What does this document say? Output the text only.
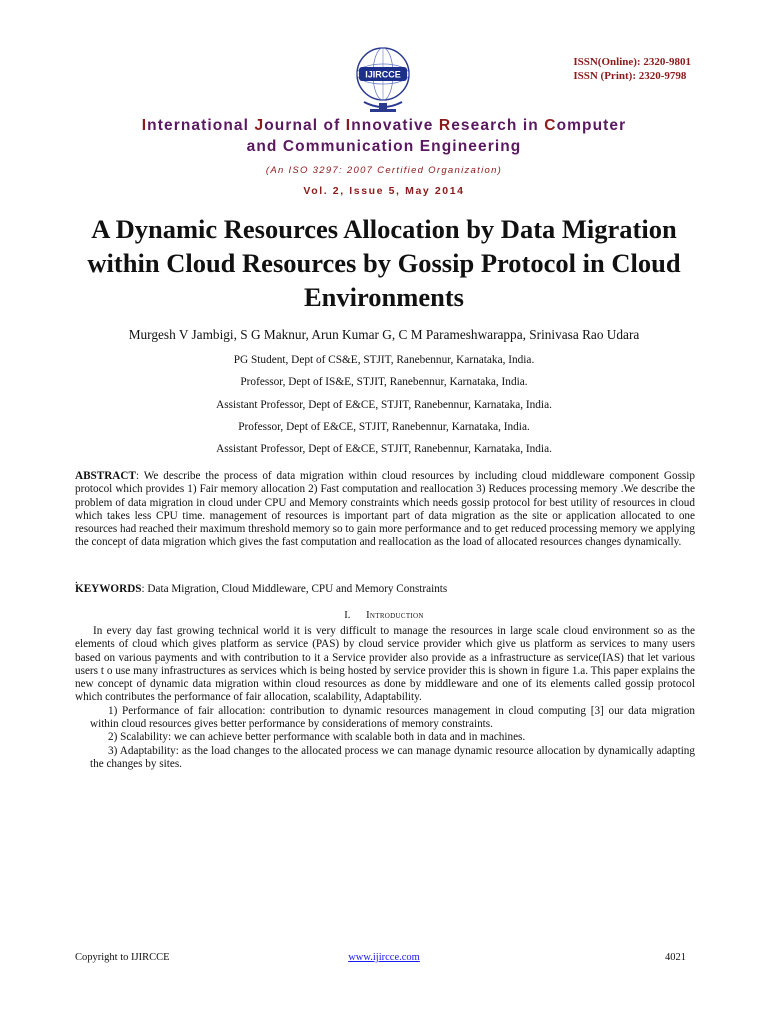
IJIRCCE
ISSN(Online): 2320-9801
ISSN (Print): 2320-9798
International Journal of Innovative Research in Computer
and Communication Engineering
(An ISO 3297: 2007 Certified Organization)
Vol. 2, Issue 5, May 2014
A Dynamic Resources Allocation by Data Migration within Cloud Resources by Gossip Protocol in Cloud Environments
Murgesh V Jambigi, S G Maknur, Arun Kumar G, C M Parameshwarappa, Srinivasa Rao Udara
PG Student, Dept of CS&E, STJIT, Ranebennur, Karnataka, India.
Professor, Dept of IS&E, STJIT, Ranebennur, Karnataka, India.
Assistant Professor, Dept of E&CE, STJIT, Ranebennur, Karnataka, India.
Professor, Dept of E&CE, STJIT, Ranebennur, Karnataka, India.
Assistant Professor, Dept of E&CE, STJIT, Ranebennur, Karnataka, India.
ABSTRACT: We describe the process of data migration within cloud resources by including cloud middleware component Gossip protocol which provides 1) Fair memory allocation 2) Fast computation and reallocation 3) Reduces processing memory .We describe the problem of data migration in cloud under CPU and Memory constraints which needs gossip protocol for best utility of resources in cloud which takes less CPU time. management of resources is important part of data migration as the site or application allocated to one resources had reached their maximum threshold memory so to gain more performance and to get reduced processing memory we applying the concept of data migration which gives the fast computation and reallocation as the load of allocated resources changes dynamically.
.
KEYWORDS: Data Migration, Cloud Middleware, CPU and Memory Constraints
I. Introduction

In every day fast growing technical world it is very difficult to manage the resources in large scale cloud environment so as the elements of cloud which gives platform as service (PAS) by cloud service provider which give us platform as services to many users based on various payments and with contribution to it a Service provider also provide as a infrastructure as service(IAS) that let various users t o use many infrastructures as services which is being hosted by service provider this is shown in figure 1.a. This paper explains the new concept of dynamic data migration within cloud resources as done by middleware and one of its elements called gossip protocol which contributes the performance of fair allocation, scalability, Adaptability.

1) Performance of fair allocation: contribution to dynamic resources management in cloud computing [3] our data migration within cloud resources gives better performance by considerations of memory constraints.

2) Scalability: we can achieve better performance with scalable both in data and in machines.

3) Adaptability: as the load changes to the allocated process we can manage dynamic resource allocation by dynamically adapting the changes by sites.

Copyright to IJIRCCE	www.ijircce.com	4021
